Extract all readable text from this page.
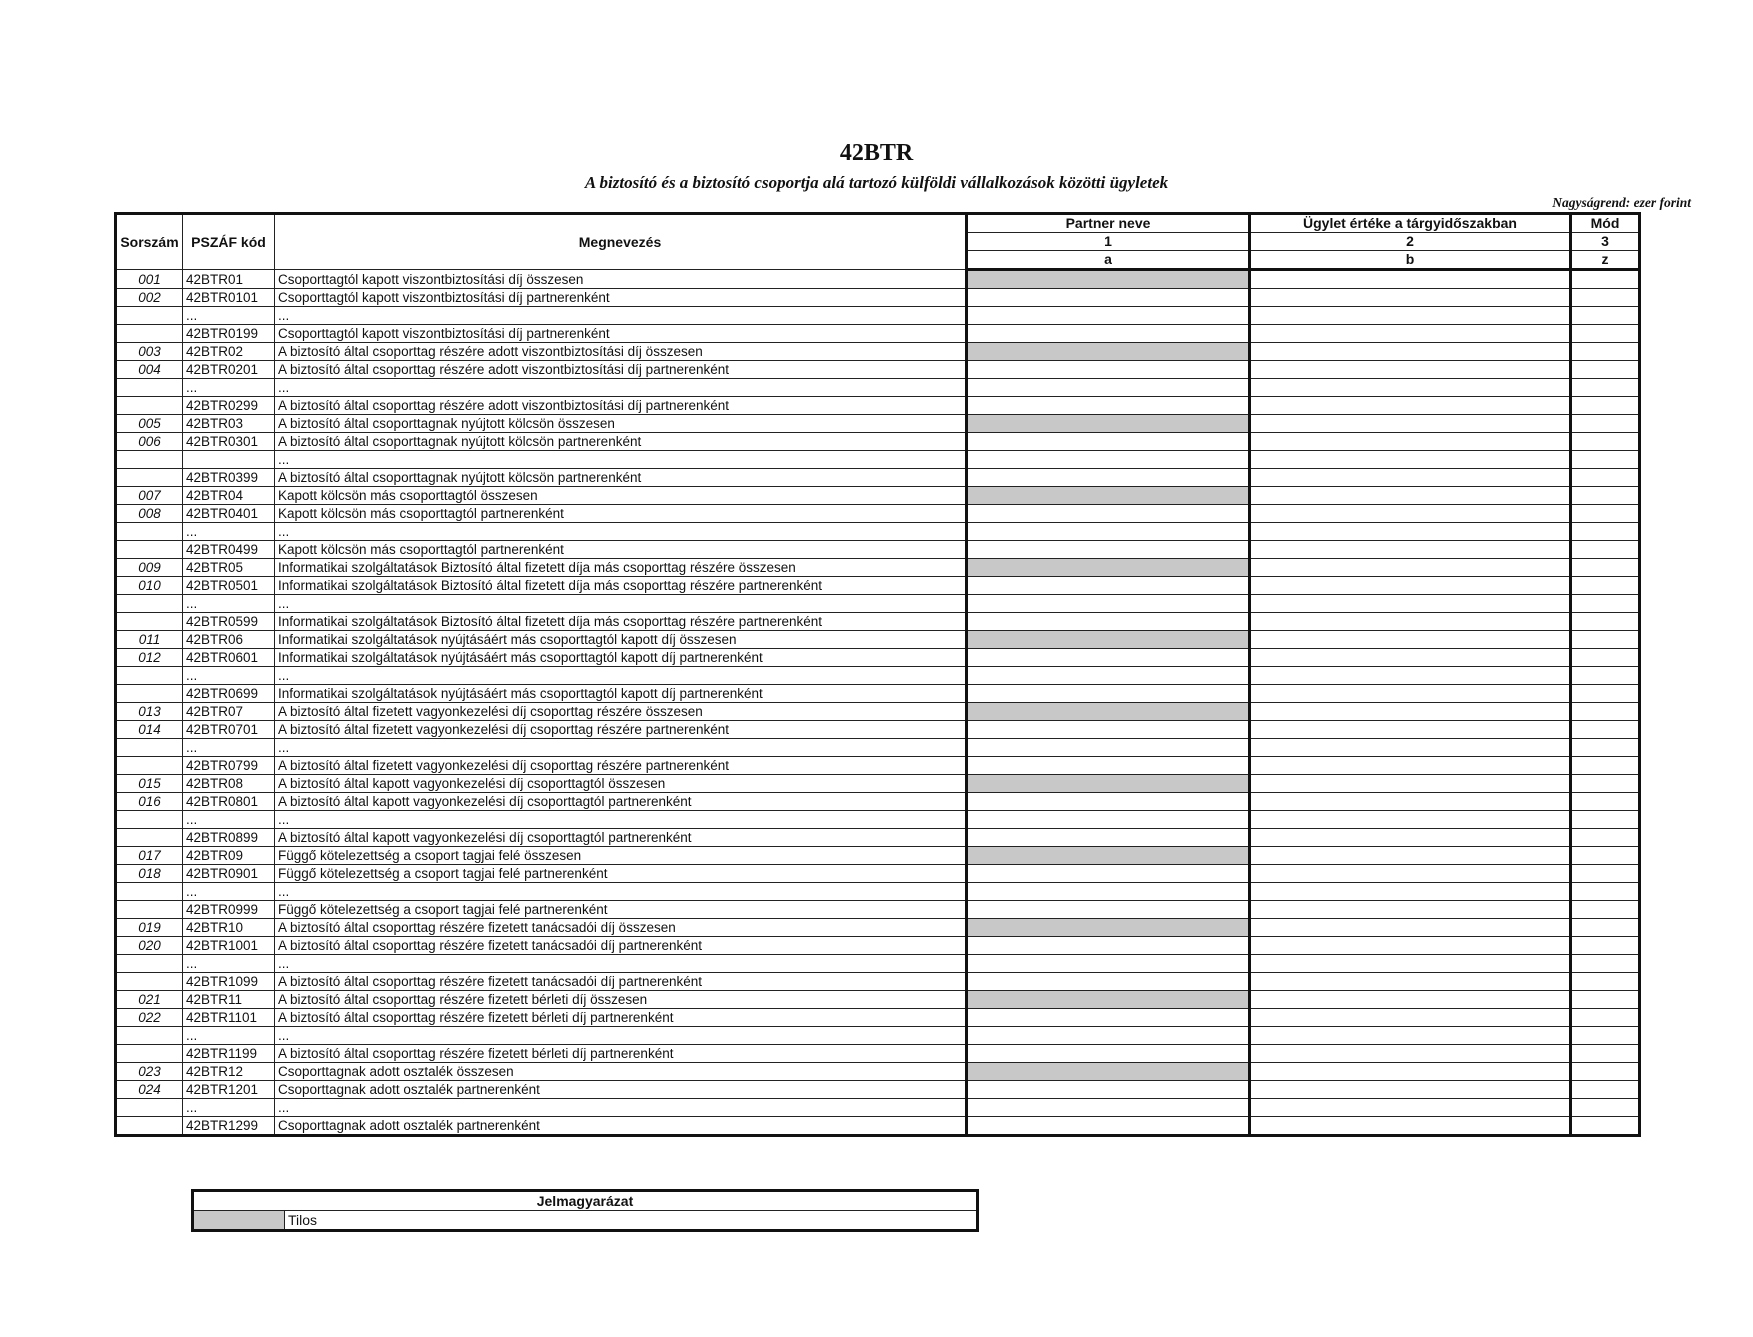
42BTR
A biztosító és a biztosító csoportja alá tartozó külföldi vállalkozások közötti ügyletek
Nagyságrend: ezer forint
Sorszám	PSZÁF kód	Megnevezés	Partner neve	Ügylet értéke a tárgyidőszakban	Mód
			1	2	3
			a	b	z
001	42BTR01	Csoporttagtól kapott viszontbiztosítási díj összesen			
002	42BTR0101	Csoporttagtól kapott viszontbiztosítási díj partnerenként			
	...	...			
	42BTR0199	Csoporttagtól kapott viszontbiztosítási díj partnerenként			
003	42BTR02	A biztosító által csoporttag részére adott viszontbiztosítási díj összesen			
004	42BTR0201	A biztosító által csoporttag részére adott viszontbiztosítási díj partnerenként			
	...	...			
	42BTR0299	A biztosító által csoporttag részére adott viszontbiztosítási díj partnerenként			
005	42BTR03	A biztosító által csoporttagnak nyújtott kölcsön összesen			
006	42BTR0301	A biztosító által csoporttagnak nyújtott kölcsön partnerenként			
		...			
	42BTR0399	A biztosító által csoporttagnak nyújtott kölcsön partnerenként			
007	42BTR04	Kapott kölcsön más csoporttagtól összesen			
008	42BTR0401	Kapott kölcsön más csoporttagtól partnerenként			
	...	...			
	42BTR0499	Kapott kölcsön más csoporttagtól partnerenként			
009	42BTR05	Informatikai szolgáltatások Biztosító által fizetett díja más csoporttag részére összesen			
010	42BTR0501	Informatikai szolgáltatások Biztosító által fizetett díja más csoporttag részére partnerenként			
	...	...			
	42BTR0599	Informatikai szolgáltatások Biztosító által fizetett díja más csoporttag részére partnerenként			
011	42BTR06	Informatikai szolgáltatások nyújtásáért más csoporttagtól kapott díj összesen			
012	42BTR0601	Informatikai szolgáltatások nyújtásáért más csoporttagtól kapott díj partnerenként			
	...	...			
	42BTR0699	Informatikai szolgáltatások nyújtásáért más csoporttagtól kapott díj partnerenként			
013	42BTR07	A biztosító által fizetett vagyonkezelési díj csoporttag részére összesen			
014	42BTR0701	A biztosító által fizetett vagyonkezelési díj csoporttag részére partnerenként			
	...	...			
	42BTR0799	A biztosító által fizetett vagyonkezelési díj csoporttag részére partnerenként			
015	42BTR08	A biztosító által kapott vagyonkezelési díj csoporttagtól összesen			
016	42BTR0801	A biztosító által kapott vagyonkezelési díj csoporttagtól partnerenként			
	...	...			
	42BTR0899	A biztosító által kapott vagyonkezelési díj csoporttagtól partnerenként			
017	42BTR09	Függő kötelezettség a csoport tagjai felé összesen			
018	42BTR0901	Függő kötelezettség a csoport tagjai felé partnerenként			
	...	...			
	42BTR0999	Függő kötelezettség a csoport tagjai felé partnerenként			
019	42BTR10	A biztosító által csoporttag részére fizetett tanácsadói díj összesen			
020	42BTR1001	A biztosító által csoporttag részére fizetett tanácsadói díj partnerenként			
	...	...			
	42BTR1099	A biztosító által csoporttag részére fizetett tanácsadói díj partnerenként			
021	42BTR11	A biztosító által csoporttag részére fizetett bérleti díj összesen			
022	42BTR1101	A biztosító által csoporttag részére fizetett bérleti díj partnerenként			
	...	...			
	42BTR1199	A biztosító által csoporttag részére fizetett bérleti díj partnerenként			
023	42BTR12	Csoporttagnak adott osztalék összesen			
024	42BTR1201	Csoporttagnak adott osztalék partnerenként			
	...	...			
	42BTR1299	Csoporttagnak adott osztalék partnerenként			
Jelmagyarázat
	Tilos
